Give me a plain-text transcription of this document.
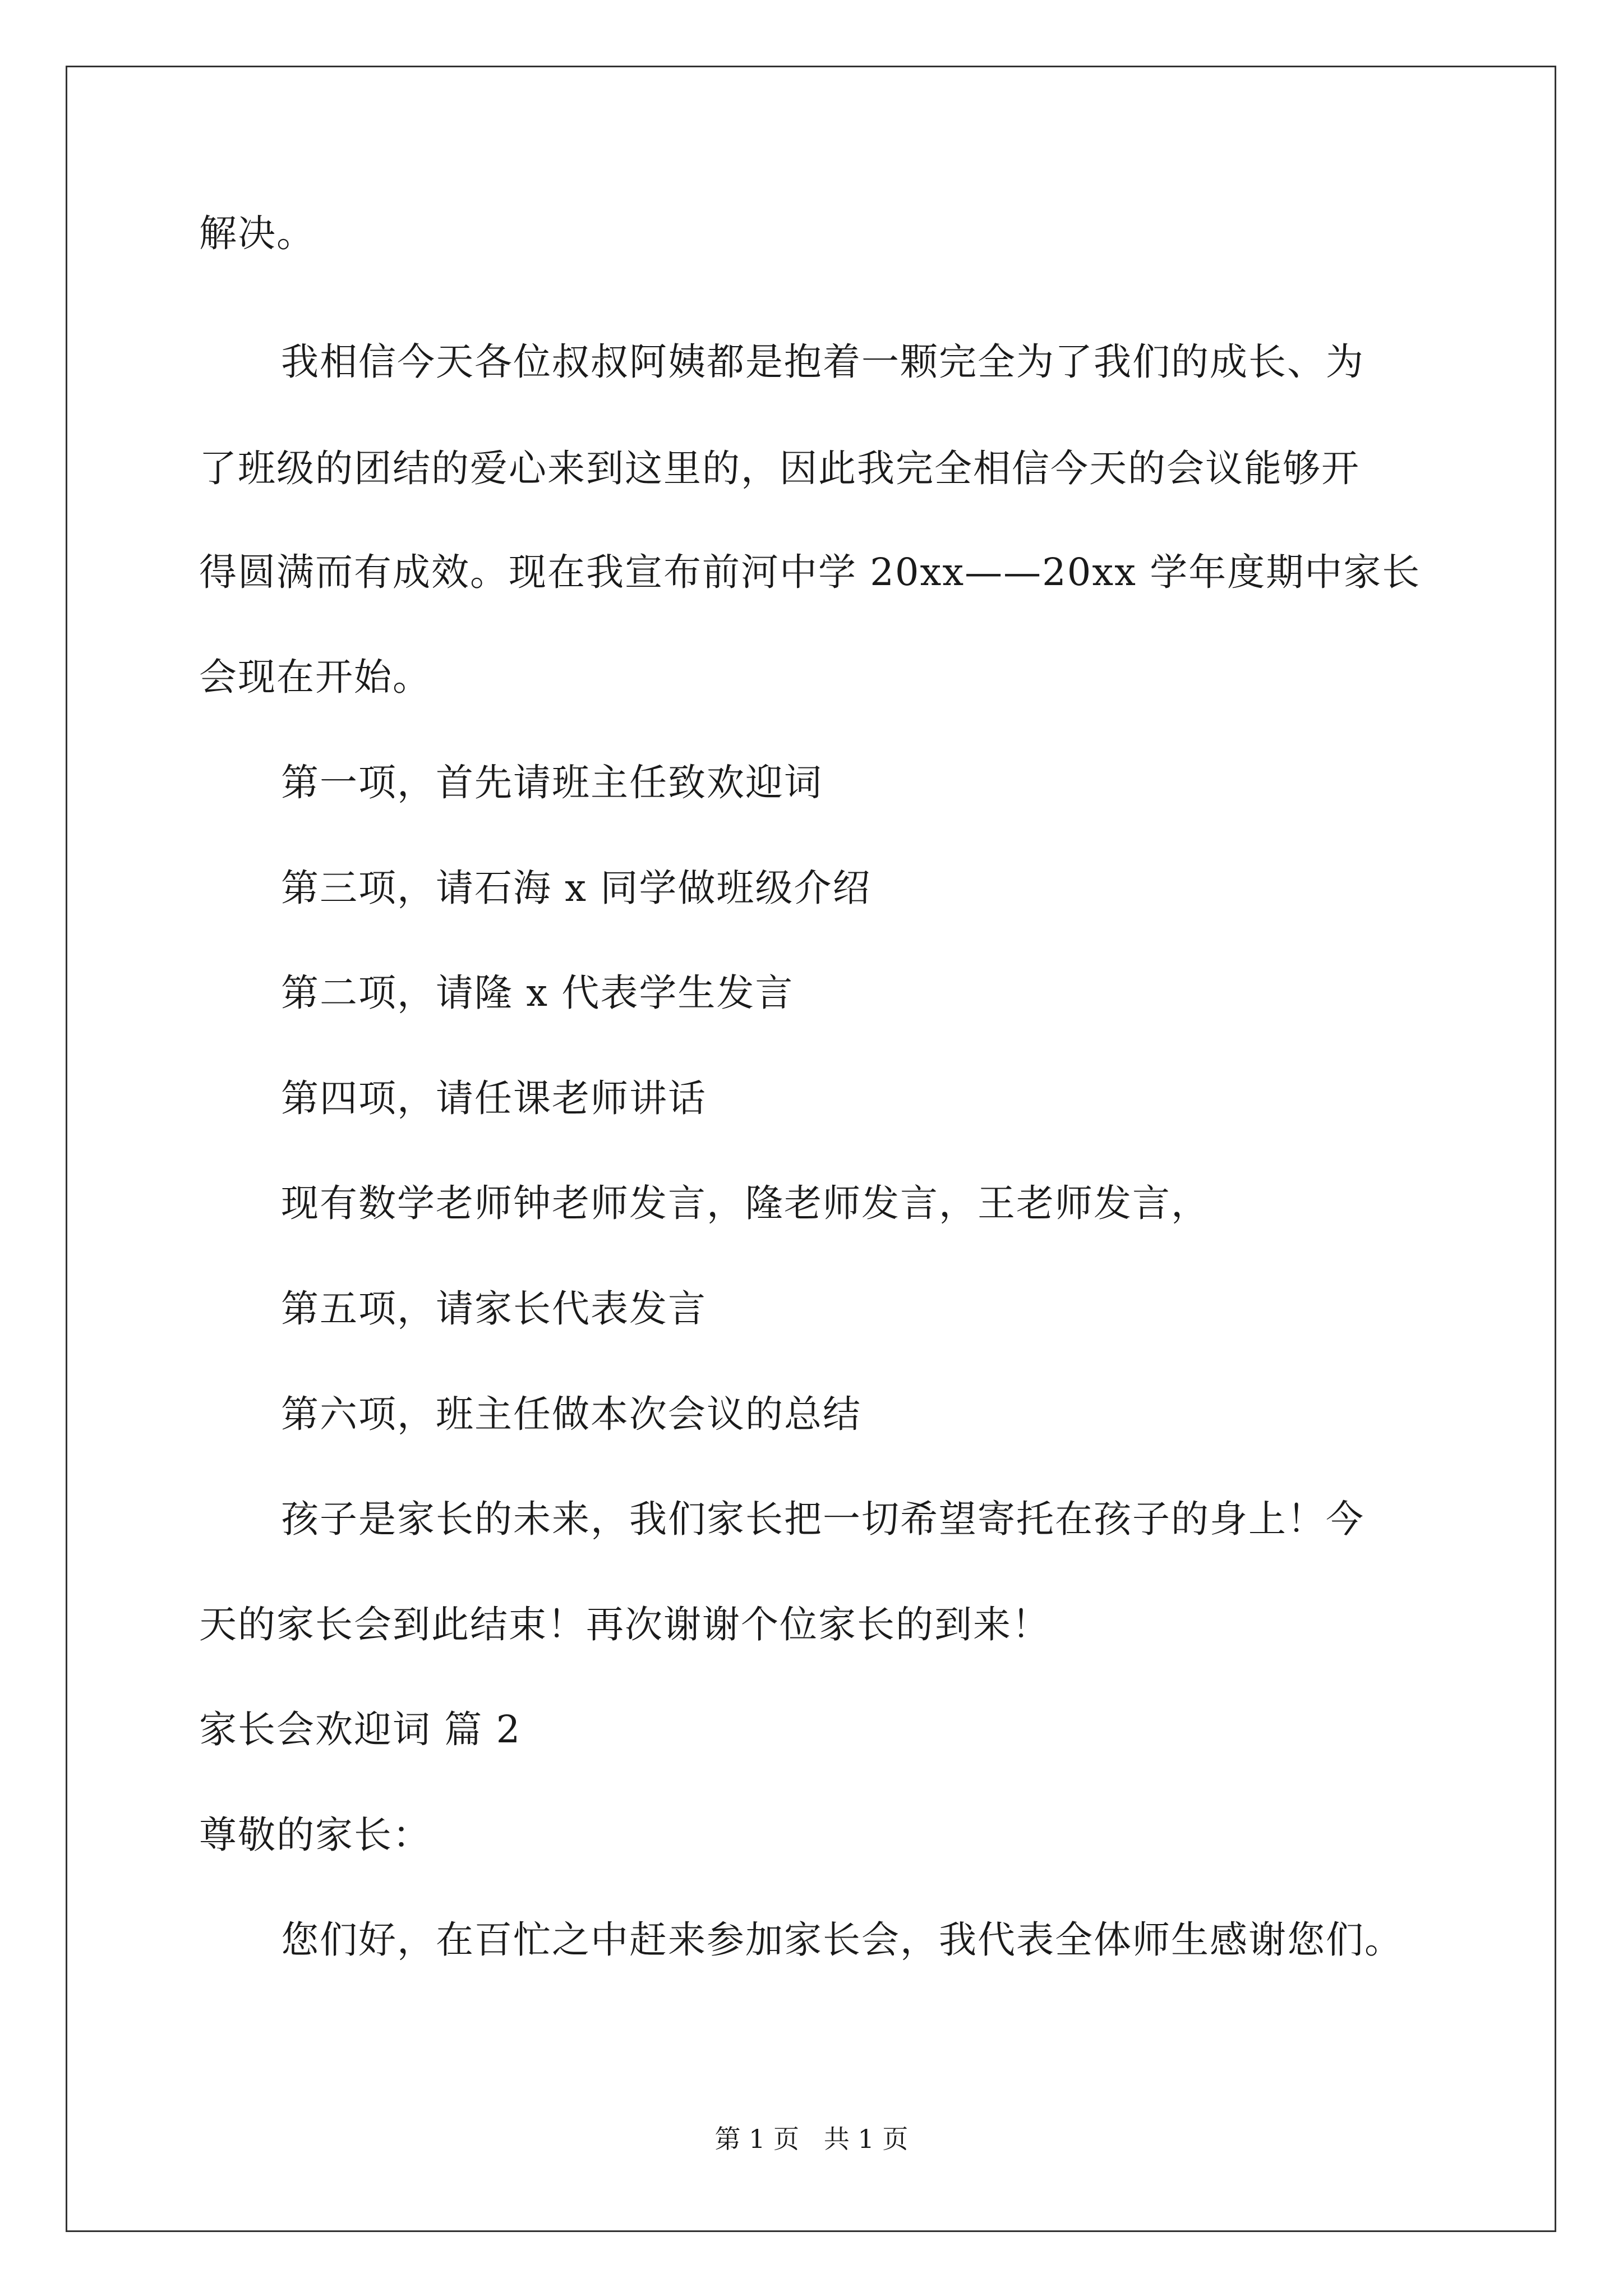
解决。
我相信今天各位叔叔阿姨都是抱着一颗完全为了我们的成长、为
了班级的团结的爱心来到这里的，因此我完全相信今天的会议能够开
得圆满而有成效。现在我宣布前河中学 20xx——20xx 学年度期中家长
会现在开始。
第一项，首先请班主任致欢迎词
第三项，请石海 x 同学做班级介绍
第二项，请隆 x 代表学生发言
第四项，请任课老师讲话
现有数学老师钟老师发言，隆老师发言，王老师发言，
第五项，请家长代表发言
第六项，班主任做本次会议的总结
孩子是家长的未来，我们家长把一切希望寄托在孩子的身上！今
天的家长会到此结束！再次谢谢个位家长的到来！
家长会欢迎词 篇 2
尊敬的家长：
您们好，在百忙之中赶来参加家长会，我代表全体师生感谢您们。
第 1 页   共 1 页
